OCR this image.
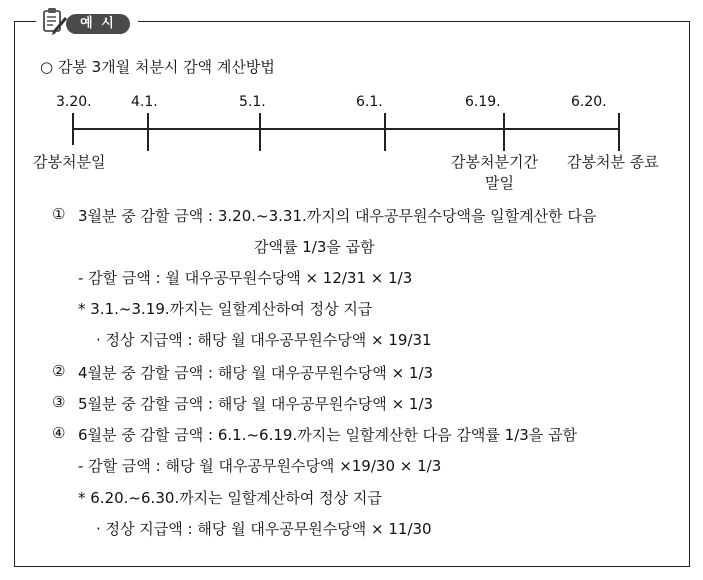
예 시
○ 감봉 3개월 처분시 감액 계산방법
3.20.	4.1.	5.1.	6.1.	6.19.	6.20.
감봉처분일	감봉처분기간
말일
감봉처분 종료
① 3월분 중 감할 금액 : 3.20.~3.31.까지의 대우공무원수당액을 일할계산한 다음
감액률 1/3을 곱함
- 감할 금액 : 월 대우공무원수당액 × 12/31 × 1/3
* 3.1.~3.19.까지는 일할계산하여 정상 지급
· 정상 지급액 : 해당 월 대우공무원수당액 × 19/31
② 4월분 중 감할 금액 : 해당 월 대우공무원수당액 × 1/3
③ 5월분 중 감할 금액 : 해당 월 대우공무원수당액 × 1/3
④ 6월분 중 감할 금액 : 6.1.~6.19.까지는 일할계산한 다음 감액률 1/3을 곱함
- 감할 금액 : 해당 월 대우공무원수당액 ×19/30 × 1/3
* 6.20.~6.30.까지는 일할계산하여 정상 지급
· 정상 지급액 : 해당 월 대우공무원수당액 × 11/30
